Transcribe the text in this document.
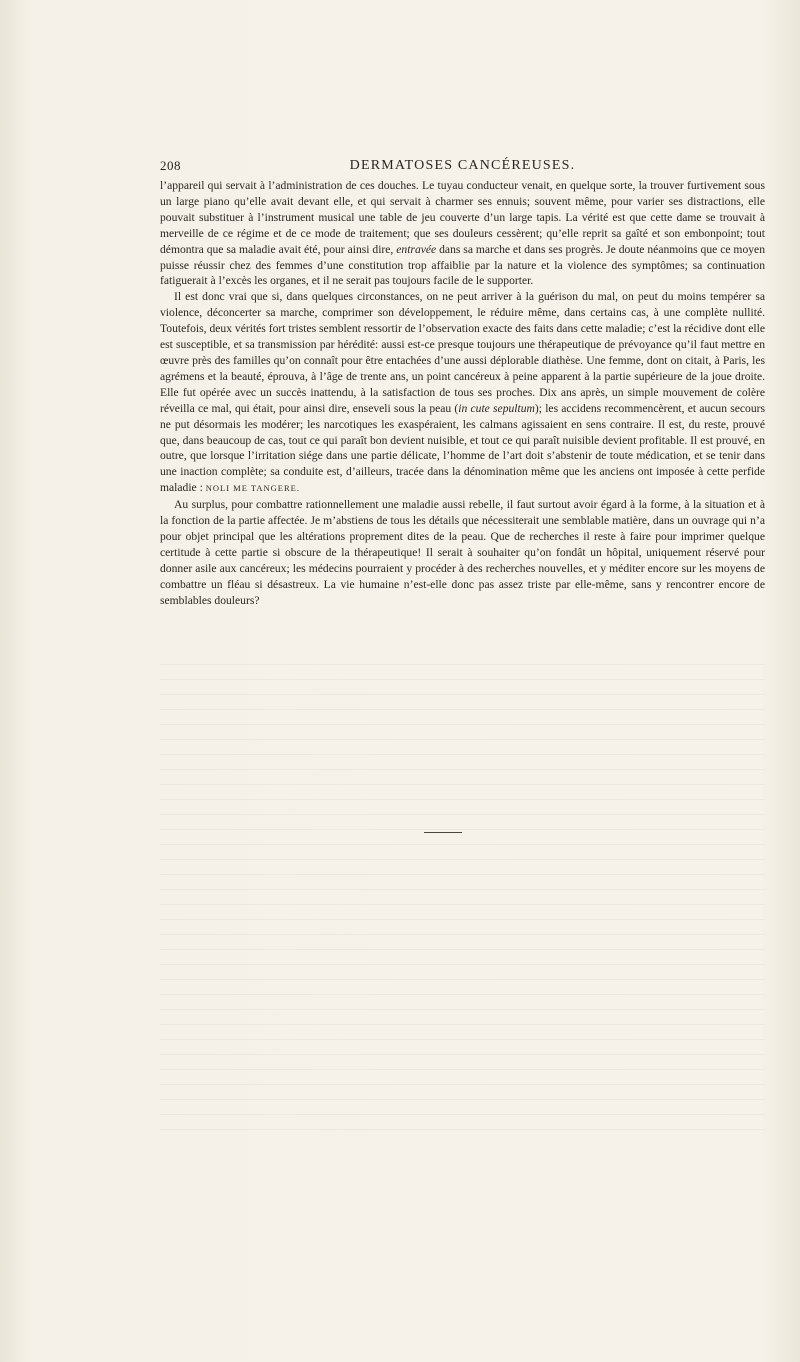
208	DERMATOSES CANCÉREUSES.

l’appareil qui servait à l’administration de ces douches. Le tuyau conducteur venait, en quelque sorte, la trouver furtivement sous un large piano qu’elle avait devant elle, et qui servait à charmer ses ennuis; souvent même, pour varier ses distractions, elle pouvait substituer à l’instrument musical une table de jeu couverte d’un large tapis. La vérité est que cette dame se trouvait à merveille de ce régime et de ce mode de traitement; que ses douleurs cessèrent; qu’elle reprit sa gaîté et son embonpoint; tout démontra que sa maladie avait été, pour ainsi dire, entravée dans sa marche et dans ses progrès. Je doute néanmoins que ce moyen puisse réussir chez des femmes d’une constitution trop affaiblie par la nature et la violence des symptômes; sa continuation fatiguerait à l’excès les organes, et il ne serait pas toujours facile de le supporter.

Il est donc vrai que si, dans quelques circonstances, on ne peut arriver à la guérison du mal, on peut du moins tempérer sa violence, déconcerter sa marche, comprimer son développement, le réduire même, dans certains cas, à une complète nullité. Toutefois, deux vérités fort tristes semblent ressortir de l’observation exacte des faits dans cette maladie; c’est la récidive dont elle est susceptible, et sa transmission par hérédité: aussi est-ce presque toujours une thérapeutique de prévoyance qu’il faut mettre en œuvre près des familles qu’on connaît pour être entachées d’une aussi déplorable diathèse. Une femme, dont on citait, à Paris, les agrémens et la beauté, éprouva, à l’âge de trente ans, un point cancéreux à peine apparent à la partie supérieure de la joue droite. Elle fut opérée avec un succès inattendu, à la satisfaction de tous ses proches. Dix ans après, un simple mouvement de colère réveilla ce mal, qui était, pour ainsi dire, enseveli sous la peau (in cute sepultum); les accidens recommencèrent, et aucun secours ne put désormais les modérer; les narcotiques les exaspéraient, les calmans agissaient en sens contraire. Il est, du reste, prouvé que, dans beaucoup de cas, tout ce qui paraît bon devient nuisible, et tout ce qui paraît nuisible devient profitable. Il est prouvé, en outre, que lorsque l’irritation siége dans une partie délicate, l’homme de l’art doit s’abstenir de toute médication, et se tenir dans une inaction complète; sa conduite est, d’ailleurs, tracée dans la dénomination même que les anciens ont imposée à cette perfide maladie : NOLI ME TANGERE.

Au surplus, pour combattre rationnellement une maladie aussi rebelle, il faut surtout avoir égard à la forme, à la situation et à la fonction de la partie affectée. Je m’abstiens de tous les détails que nécessiterait une semblable matière, dans un ouvrage qui n’a pour objet principal que les altérations proprement dites de la peau. Que de recherches il reste à faire pour imprimer quelque certitude à cette partie si obscure de la thérapeutique! Il serait à souhaiter qu’on fondât un hôpital, uniquement réservé pour donner asile aux cancéreux; les médecins pourraient y procéder à des recherches nouvelles, et y méditer encore sur les moyens de combattre un fléau si désastreux. La vie humaine n’est-elle donc pas assez triste par elle-même, sans y rencontrer encore de semblables douleurs?
